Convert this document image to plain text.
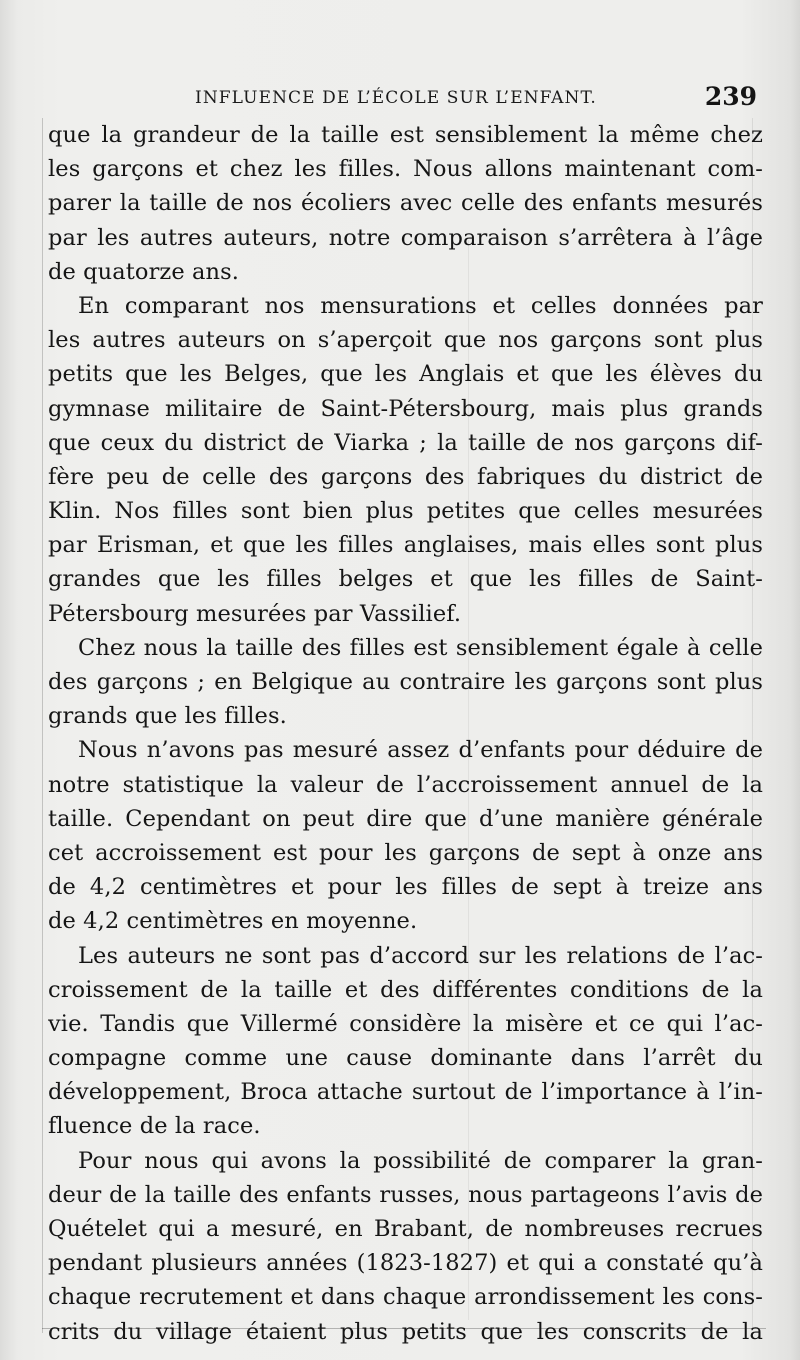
INFLUENCE DE L’ÉCOLE SUR L’ENFANT.	239
que la grandeur de la taille est sensiblement la même chez
les garçons et chez les filles. Nous allons maintenant com-
parer la taille de nos écoliers avec celle des enfants mesurés
par les autres auteurs, notre comparaison s’arrêtera à l’âge
de quatorze ans.
En comparant nos mensurations et celles données par
les autres auteurs on s’aperçoit que nos garçons sont plus
petits que les Belges, que les Anglais et que les élèves du
gymnase militaire de Saint-Pétersbourg, mais plus grands
que ceux du district de Viarka ; la taille de nos garçons dif-
fère peu de celle des garçons des fabriques du district de
Klin. Nos filles sont bien plus petites que celles mesurées
par Erisman, et que les filles anglaises, mais elles sont plus
grandes que les filles belges et que les filles de Saint-
Pétersbourg mesurées par Vassilief.
Chez nous la taille des filles est sensiblement égale à celle
des garçons ; en Belgique au contraire les garçons sont plus
grands que les filles.
Nous n’avons pas mesuré assez d’enfants pour déduire de
notre statistique la valeur de l’accroissement annuel de la
taille. Cependant on peut dire que d’une manière générale
cet accroissement est pour les garçons de sept à onze ans
de 4,2 centimètres et pour les filles de sept à treize ans
de 4,2 centimètres en moyenne.
Les auteurs ne sont pas d’accord sur les relations de l’ac-
croissement de la taille et des différentes conditions de la
vie. Tandis que Villermé considère la misère et ce qui l’ac-
compagne comme une cause dominante dans l’arrêt du
développement, Broca attache surtout de l’importance à l’in-
fluence de la race.
Pour nous qui avons la possibilité de comparer la gran-
deur de la taille des enfants russes, nous partageons l’avis de
Quételet qui a mesuré, en Brabant, de nombreuses recrues
pendant plusieurs années (1823-1827) et qui a constaté qu’à
chaque recrutement et dans chaque arrondissement les cons-
crits du village étaient plus petits que les conscrits de la
